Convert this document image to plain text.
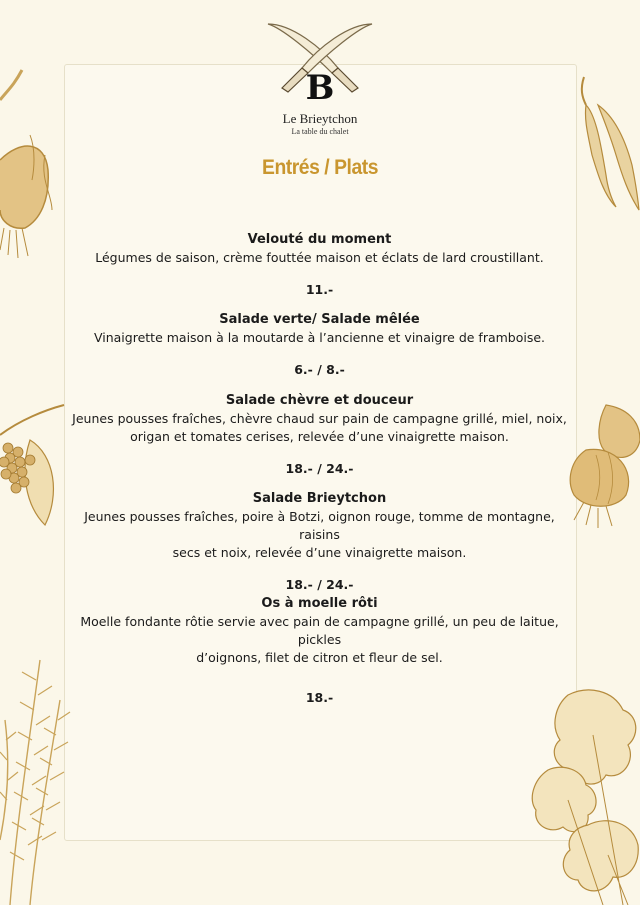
B
Le Brieytchon
La table du chalet
Entrés / Plats
Velouté du moment
Légumes de saison, crème fouttée maison et éclats de lard croustillant.
11.-
Salade verte/ Salade mêlée
Vinaigrette maison à la moutarde à l’ancienne et vinaigre de framboise.
6.- / 8.-
Salade chèvre et douceur
Jeunes pousses fraîches, chèvre chaud sur pain de campagne grillé, miel, noix,
origan et tomates cerises, relevée d’une vinaigrette maison.
18.- / 24.-
Salade Brieytchon
Jeunes pousses fraîches, poire à Botzi, oignon rouge, tomme de montagne, raisins
secs et noix, relevée d’une vinaigrette maison.
18.- / 24.-
Os à moelle rôti
Moelle fondante rôtie servie avec pain de campagne grillé, un peu de laitue, pickles
d’oignons, filet de citron et fleur de sel.
18.-
